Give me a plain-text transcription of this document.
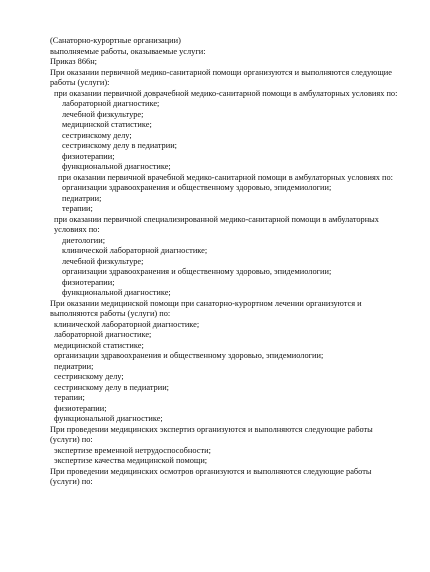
(Санаторно-курортные организации)
выполняемые работы, оказываемые услуги:
Приказ 866н;
При оказании первичной медико-санитарной помощи организуются и выполняются следующие работы (услуги):
при оказании первичной доврачебной медико-санитарной помощи в амбулаторных условиях по:
лабораторной диагностике;
лечебной физкультуре;
медицинской статистике;
сестринскому делу;
сестринскому делу в педиатрии;
физиотерапии;
функциональной диагностике;
при оказании первичной врачебной медико-санитарной помощи в амбулаторных условиях по:
организации здравоохранения и общественному здоровью, эпидемиологии;
педиатрии;
терапии;
при оказании первичной специализированной медико-санитарной помощи в амбулаторных условиях по:
диетологии;
клинической лабораторной диагностике;
лечебной физкультуре;
организации здравоохранения и общественному здоровью, эпидемиологии;
физиотерапии;
функциональной диагностике;
При оказании медицинской помощи при санаторно-курортном лечении организуются и выполняются работы (услуги) по:
клинической лабораторной диагностике;
лабораторной диагностике;
медицинской статистике;
организации здравоохранения и общественному здоровью, эпидемиологии;
педиатрии;
сестринскому делу;
сестринскому делу в педиатрии;
терапии;
физиотерапии;
функциональной диагностике;
При проведении медицинских экспертиз организуются и выполняются следующие работы (услуги) по:
экспертизе временной нетрудоспособности;
экспертизе качества медицинской помощи;
При проведении медицинских осмотров организуются и выполняются следующие работы (услуги) по:
